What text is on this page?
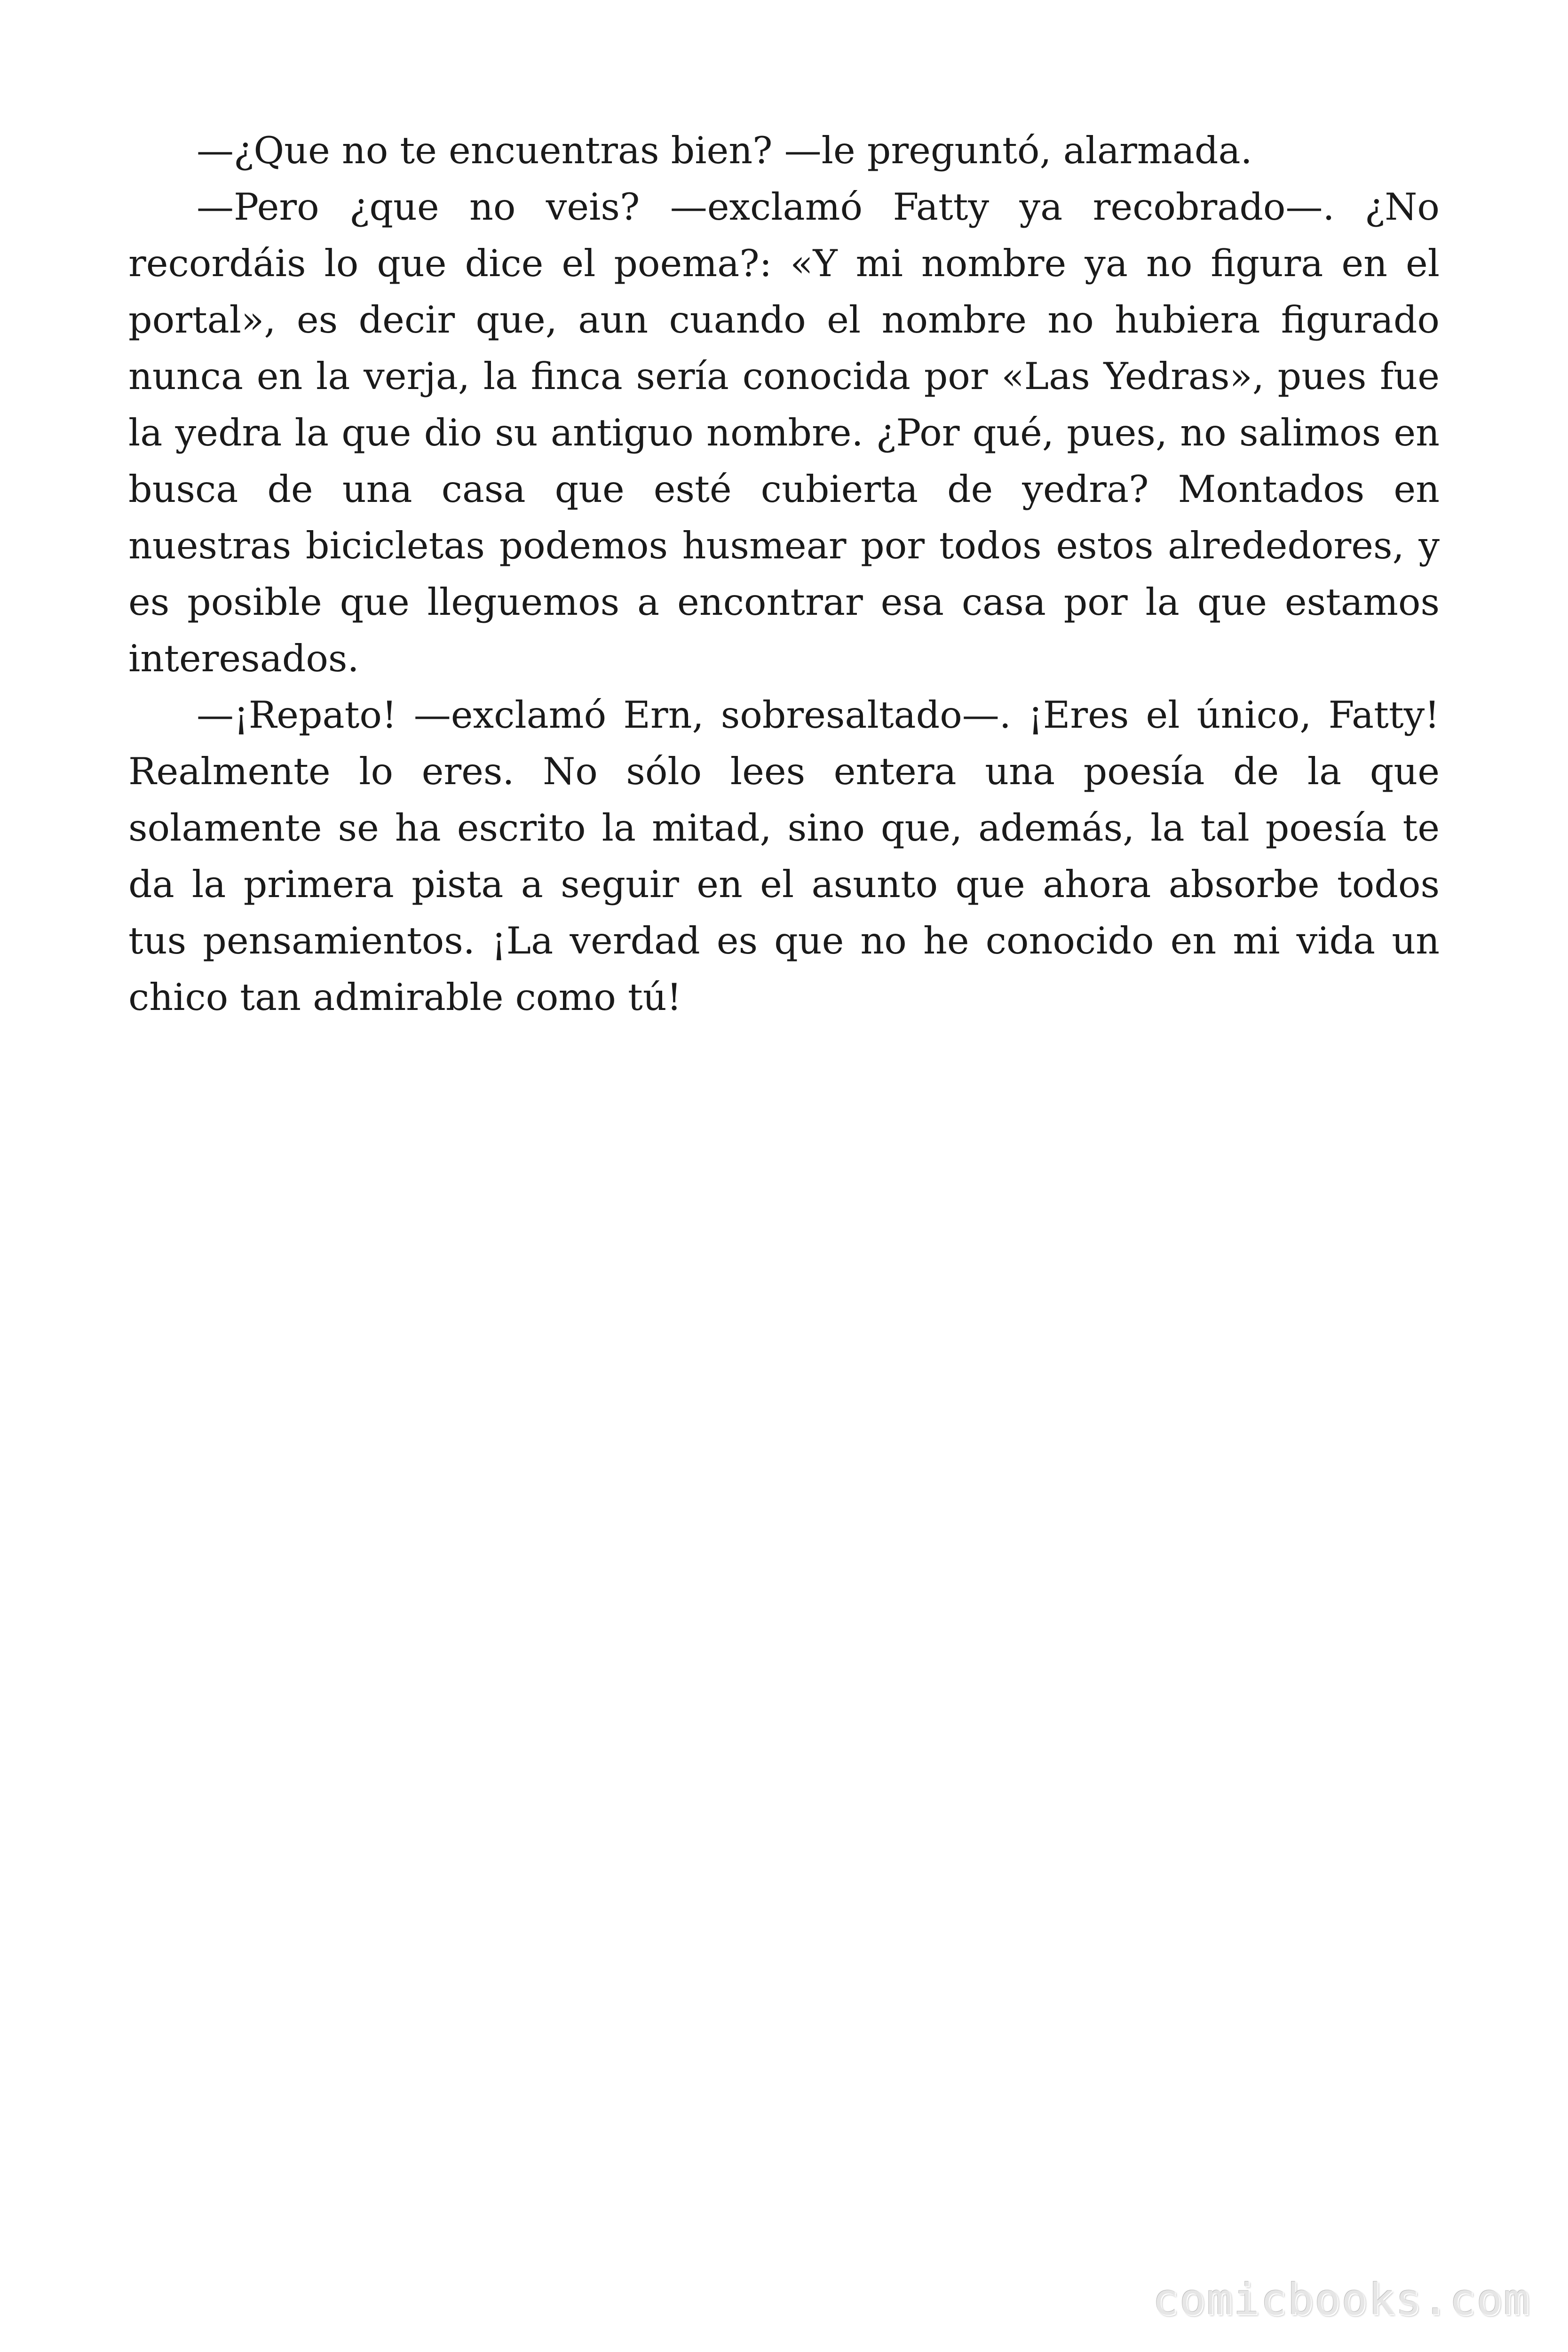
—¿Que no te encuentras bien? —le preguntó, alarmada.

—Pero ¿que no veis? —exclamó Fatty ya recobrado—. ¿No recordáis lo que dice el poema?: «Y mi nombre ya no figura en el portal», es decir que, aun cuando el nombre no hubiera figurado nunca en la verja, la finca sería conocida por «Las Yedras», pues fue la yedra la que dio su antiguo nombre. ¿Por qué, pues, no salimos en busca de una casa que esté cubierta de yedra? Montados en nuestras bicicletas podemos husmear por todos estos alrededores, y es posible que lleguemos a encontrar esa casa por la que estamos interesados.

—¡Repato! —exclamó Ern, sobresaltado—. ¡Eres el único, Fatty! Realmente lo eres. No sólo lees entera una poesía de la que solamente se ha escrito la mitad, sino que, además, la tal poesía te da la primera pista a seguir en el asunto que ahora absorbe todos tus pensamientos. ¡La verdad es que no he conocido en mi vida un chico tan admirable como tú!

comicbooks.com
